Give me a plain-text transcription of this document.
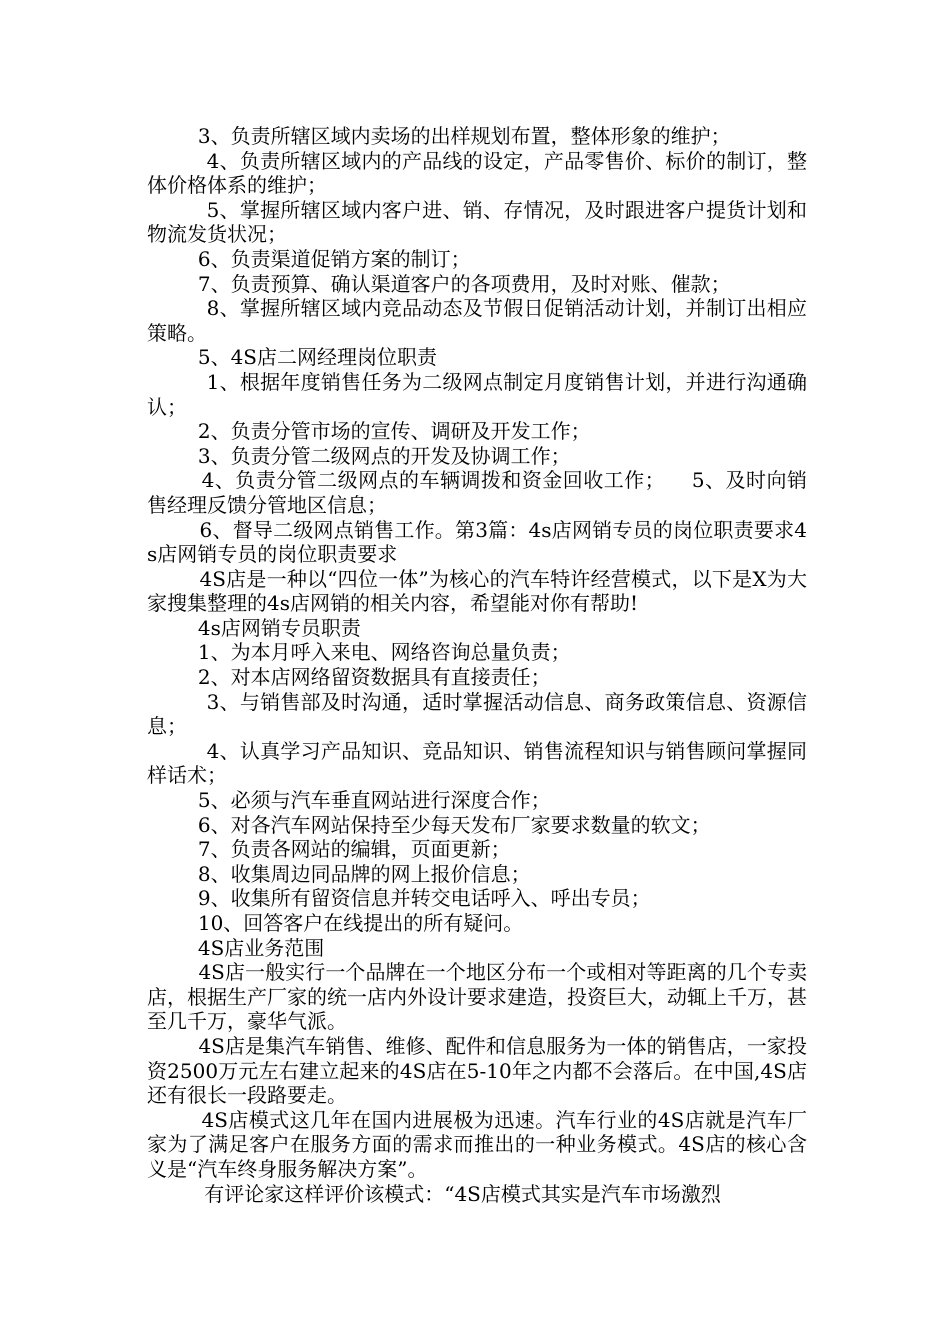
3、负责所辖区域内卖场的出样规划布置，整体形象的维护；

4、负责所辖区域内的产品线的设定，产品零售价、标价的制订，整体价格体系的维护；

5、掌握所辖区域内客户进、销、存情况，及时跟进客户提货计划和物流发货状况；

6、负责渠道促销方案的制订；

7、负责预算、确认渠道客户的各项费用，及时对账、催款；

8、掌握所辖区域内竞品动态及节假日促销活动计划，并制订出相应策略。

5、4S店二网经理岗位职责

1、根据年度销售任务为二级网点制定月度销售计划，并进行沟通确认；

2、负责分管市场的宣传、调研及开发工作；

3、负责分管二级网点的开发及协调工作；

4、负责分管二级网点的车辆调拨和资金回收工作；    5、及时向销售经理反馈分管地区信息；

6、督导二级网点销售工作。第3篇：4s店网销专员的岗位职责要求4s店网销专员的岗位职责要求

4S店是一种以“四位一体”为核心的汽车特许经营模式，以下是X为大家搜集整理的4s店网销的相关内容，希望能对你有帮助!

4s店网销专员职责

1、为本月呼入来电、网络咨询总量负责；

2、对本店网络留资数据具有直接责任；

3、与销售部及时沟通，适时掌握活动信息、商务政策信息、资源信息；

4、认真学习产品知识、竞品知识、销售流程知识与销售顾问掌握同样话术；

5、必须与汽车垂直网站进行深度合作；

6、对各汽车网站保持至少每天发布厂家要求数量的软文；

7、负责各网站的编辑，页面更新；

8、收集周边同品牌的网上报价信息；

9、收集所有留资信息并转交电话呼入、呼出专员；

10、回答客户在线提出的所有疑问。

4S店业务范围

4S店一般实行一个品牌在一个地区分布一个或相对等距离的几个专卖店，根据生产厂家的统一店内外设计要求建造，投资巨大，动辄上千万，甚至几千万，豪华气派。

4S店是集汽车销售、维修、配件和信息服务为一体的销售店，一家投资2500万元左右建立起来的4S店在5-10年之内都不会落后。在中国,4S店还有很长一段路要走。

4S店模式这几年在国内进展极为迅速。汽车行业的4S店就是汽车厂家为了满足客户在服务方面的需求而推出的一种业务模式。4S店的核心含义是“汽车终身服务解决方案”。

有评论家这样评价该模式：“4S店模式其实是汽车市场激烈
